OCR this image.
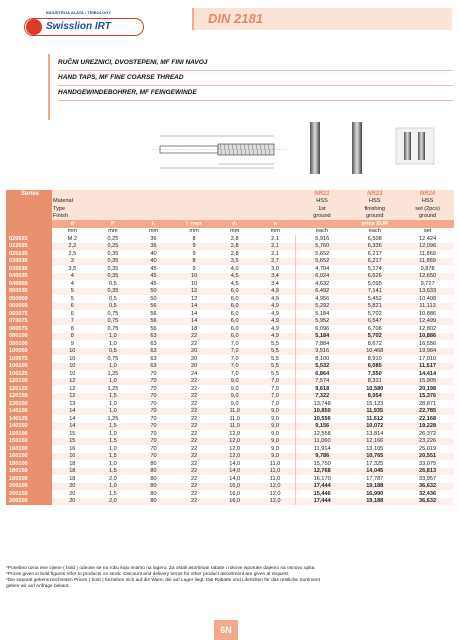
INDUSTRIJA ALATA • TRIBOLOGY
Swisslion IRT
DIN 2181
RUČNI UREZNICI, DVOSTEPENI, MF FINI NAVOJ
HAND TAPS, MF FINE COARSE THREAD
HANDGEWINDEBOHRER, MF FEINGEWINDE
Series							NR21	NR23	NR24
	Material						HSS	HSS	HSS
	Type						1st	finishing	set (2pcs)
	Finish						ground	ground	ground
	d	P	l₁	l_max	d₁	a	price EUR		
	mm	mm	mm	mm	mm	mm	each	each	set
020025	M 2	0,25	36	8	2,8	2,1	5,916	6,508	12,424
022025	2,2	0,25	36	9	2,8	2,1	5,760	6,336	12,096
025035	2,5	0,35	40	9	2,8	2,1	5,652	6,217	11,869
030035	3	0,35	40	8	3,5	2,7	5,652	6,217	11,869
035035	3,5	0,35	45	9	4,0	3,0	4,704	5,174	9,878
040035	4	0,35	45	10	4,5	3,4	6,024	6,626	12,650
040050	4	0,5	45	10	4,5	3,4	4,632	5,095	9,727
050035	5	0,35	50	12	6,0	4,9	6,492	7,141	13,633
050050	5	0,5	50	12	6,0	4,9	4,956	5,452	10,408
060050	6	0,5	56	14	6,0	4,9	5,292	5,821	11,113
060075	6	0,75	56	14	6,0	4,9	5,184	5,702	10,886
070075	7	0,75	56	14	6,0	4,9	5,952	6,547	12,499
080075	8	0,75	56	18	6,0	4,9	6,096	6,706	12,802
080100	8	1,0	63	22	6,0	4,9	5,184	5,702	10,886
090100	9	1,0	63	22	7,0	5,5	7,884	8,672	16,556
100050	10	0,5	63	20	7,0	5,5	9,516	10,468	19,984
100075	10	0,75	63	20	7,0	5,5	8,100	8,910	17,010
100100	10	1,0	63	20	7,0	5,5	5,532	6,085	11,617
100125	10	1,25	70	24	7,0	5,5	6,864	7,550	14,414
120100	12	1,0	70	22	9,0	7,0	7,574	8,331	15,905
120125	12	1,25	70	22	9,0	7,0	9,618	10,580	20,198
120150	12	1,5	70	22	9,0	7,0	7,322	8,054	15,376
130100	13	1,0	70	22	9,0	7,0	13,748	15,123	28,871
140100	14	1,0	70	22	11,0	9,0	10,850	11,935	22,785
140125	14	1,25	70	22	11,0	9,0	10,556	11,612	22,168
140150	14	1,5	70	22	11,0	9,0	9,156	10,072	19,228
150100	15	1,0	70	22	12,0	9,0	12,558	13,814	26,372
150150	15	1,5	70	22	12,0	9,0	11,060	12,166	23,226
160100	16	1,0	70	22	12,0	9,0	11,914	13,105	25,019
160150	16	1,5	70	22	12,0	9,0	9,786	10,765	20,551
180100	18	1,0	80	22	14,0	11,0	15,750	17,325	33,075
180150	18	1,5	80	22	14,0	11,0	12,768	14,045	26,813
180200	18	2,0	80	22	14,0	11,0	16,170	17,787	33,957
200100	20	1,0	80	22	16,0	12,0	17,444	19,188	36,632
200150	20	1,5	80	22	16,0	12,0	15,446	16,990	32,436
200200	20	2,0	80	22	16,0	12,0	17,444	19,188	36,632
*Posebno ozna ene cijene ( bold ) odnose se na robu koju imamo na lageru. Za ostali asortiman rabate i rokove isporuke dajemo na osnovu upita.
*Prices given in bold figures refer to products on stock. Discount and delivery terms for other product assortment are given at request.
*Die separat gekennzeichneten Prices ( bold ) beziehen sich auf die Ware, die auf Lager liegt. Die Rabatte und Lifertziten für das restliche Sortiment
geben wir auf Anfrage bekant.
6N
